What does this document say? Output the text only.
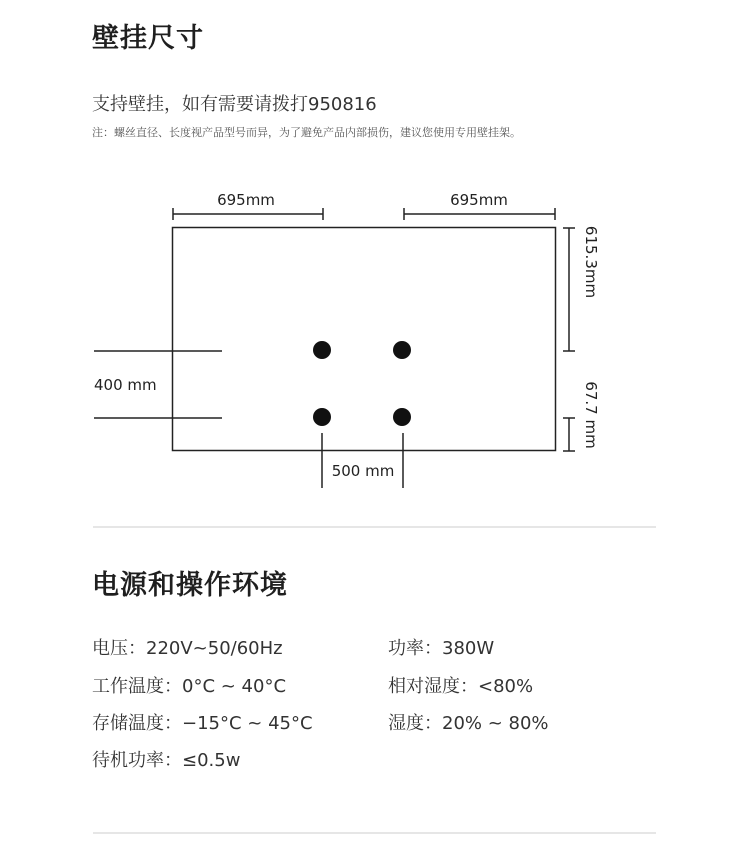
壁挂尺寸
支持壁挂，如有需要请拨打950816
注：螺丝直径、长度视产品型号而异，为了避免产品内部损伤，建议您使用专用壁挂架。
695mm	695mm
615.3mm
67.7 mm
400 mm
500 mm
电源和操作环境
电压：220V~50/60Hz	功率：380W
工作温度：0°C ~ 40°C	相对湿度：<80%
存储温度：−15°C ~ 45°C	湿度：20% ~ 80%
待机功率：≤0.5w
